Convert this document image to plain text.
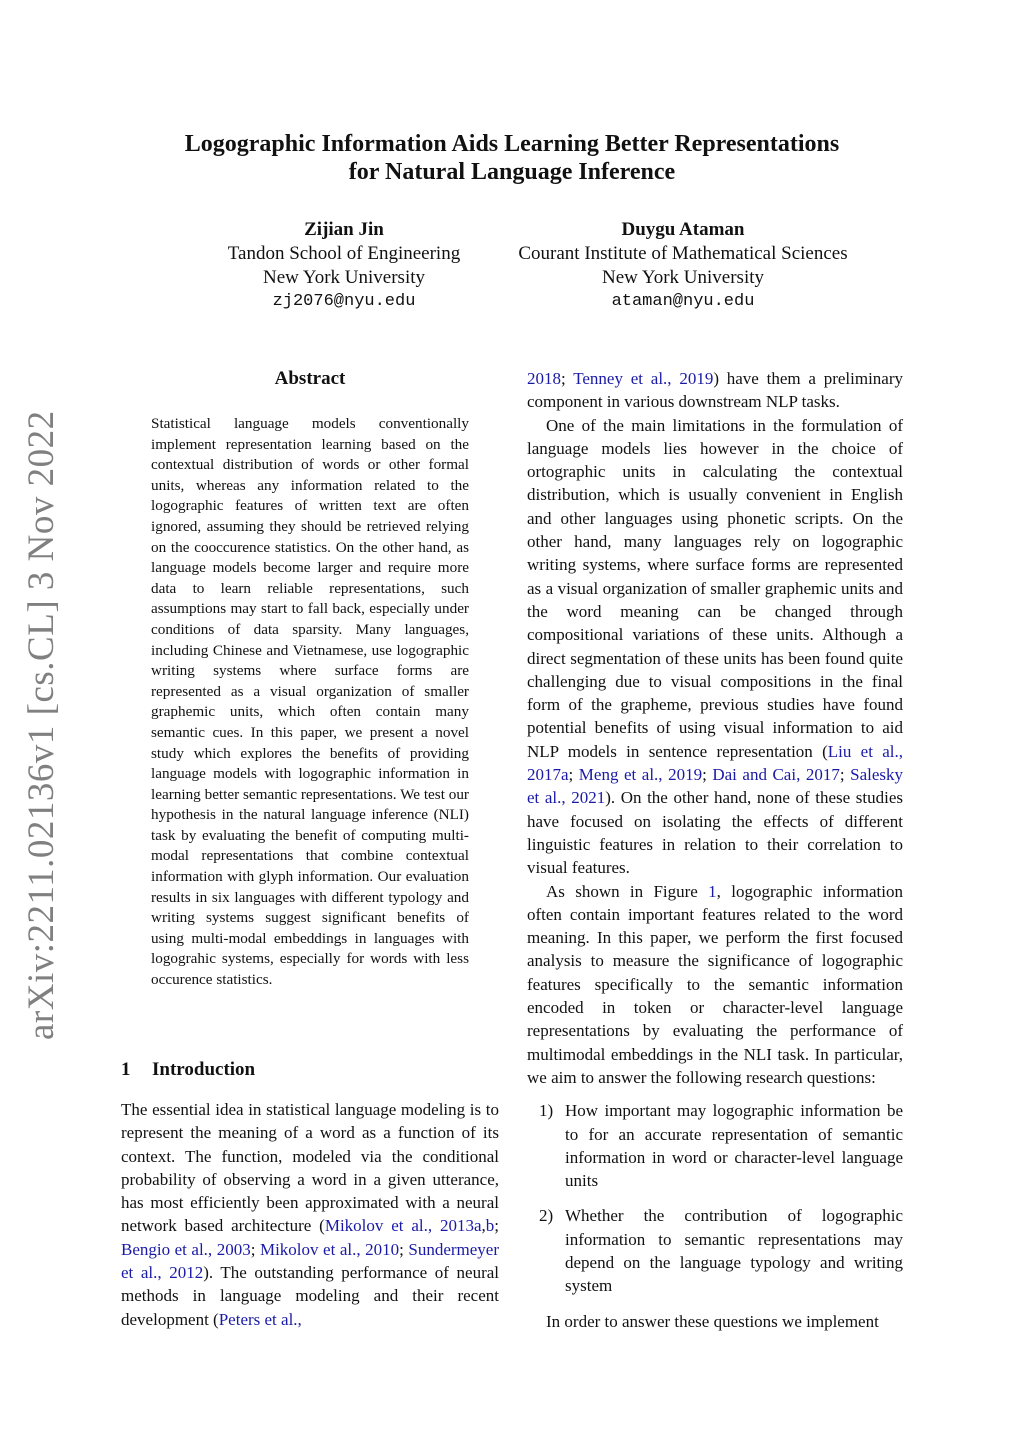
arXiv:2211.02136v1 [cs.CL] 3 Nov 2022
Logographic Information Aids Learning Better Representations
for Natural Language Inference
Zijian Jin
Tandon School of Engineering
New York University
zj2076@nyu.edu
Duygu Ataman
Courant Institute of Mathematical Sciences
New York University
ataman@nyu.edu
Abstract
Statistical language models conventionally implement representation learning based on the contextual distribution of words or other formal units, whereas any information related to the logographic features of written text are often ignored, assuming they should be retrieved relying on the cooccurence statistics. On the other hand, as language models become larger and require more data to learn reliable representations, such assumptions may start to fall back, especially under conditions of data sparsity. Many languages, including Chinese and Vietnamese, use logographic writing systems where surface forms are represented as a visual organization of smaller graphemic units, which often contain many semantic cues. In this paper, we present a novel study which explores the benefits of providing language models with logographic information in learning better semantic representations. We test our hypothesis in the natural language inference (NLI) task by evaluating the benefit of computing multi-modal representations that combine contextual information with glyph information. Our evaluation results in six languages with different typology and writing systems suggest significant benefits of using multi-modal embeddings in languages with logograhic systems, especially for words with less occurence statistics.
1 Introduction
The essential idea in statistical language modeling is to represent the meaning of a word as a function of its context. The function, modeled via the conditional probability of observing a word in a given utterance, has most efficiently been approximated with a neural network based architecture (Mikolov et al., 2013a,b; Bengio et al., 2003; Mikolov et al., 2010; Sundermeyer et al., 2012). The outstanding performance of neural methods in language modeling and their recent development (Peters et al.,

2018; Tenney et al., 2019) have them a preliminary component in various downstream NLP tasks.

One of the main limitations in the formulation of language models lies however in the choice of ortographic units in calculating the contextual distribution, which is usually convenient in English and other languages using phonetic scripts. On the other hand, many languages rely on logographic writing systems, where surface forms are represented as a visual organization of smaller graphemic units and the word meaning can be changed through compositional variations of these units. Although a direct segmentation of these units has been found quite challenging due to visual compositions in the final form of the grapheme, previous studies have found potential benefits of using visual information to aid NLP models in sentence representation (Liu et al., 2017a; Meng et al., 2019; Dai and Cai, 2017; Salesky et al., 2021). On the other hand, none of these studies have focused on isolating the effects of different linguistic features in relation to their correlation to visual features.

As shown in Figure 1, logographic information often contain important features related to the word meaning. In this paper, we perform the first focused analysis to measure the significance of logographic features specifically to the semantic information encoded in token or character-level language representations by evaluating the performance of multimodal embeddings in the NLI task. In particular, we aim to answer the following research questions:

1) How important may logographic information be to for an accurate representation of semantic information in word or character-level language units
2) Whether the contribution of logographic information to semantic representations may depend on the language typology and writing system

In order to answer these questions we implement
